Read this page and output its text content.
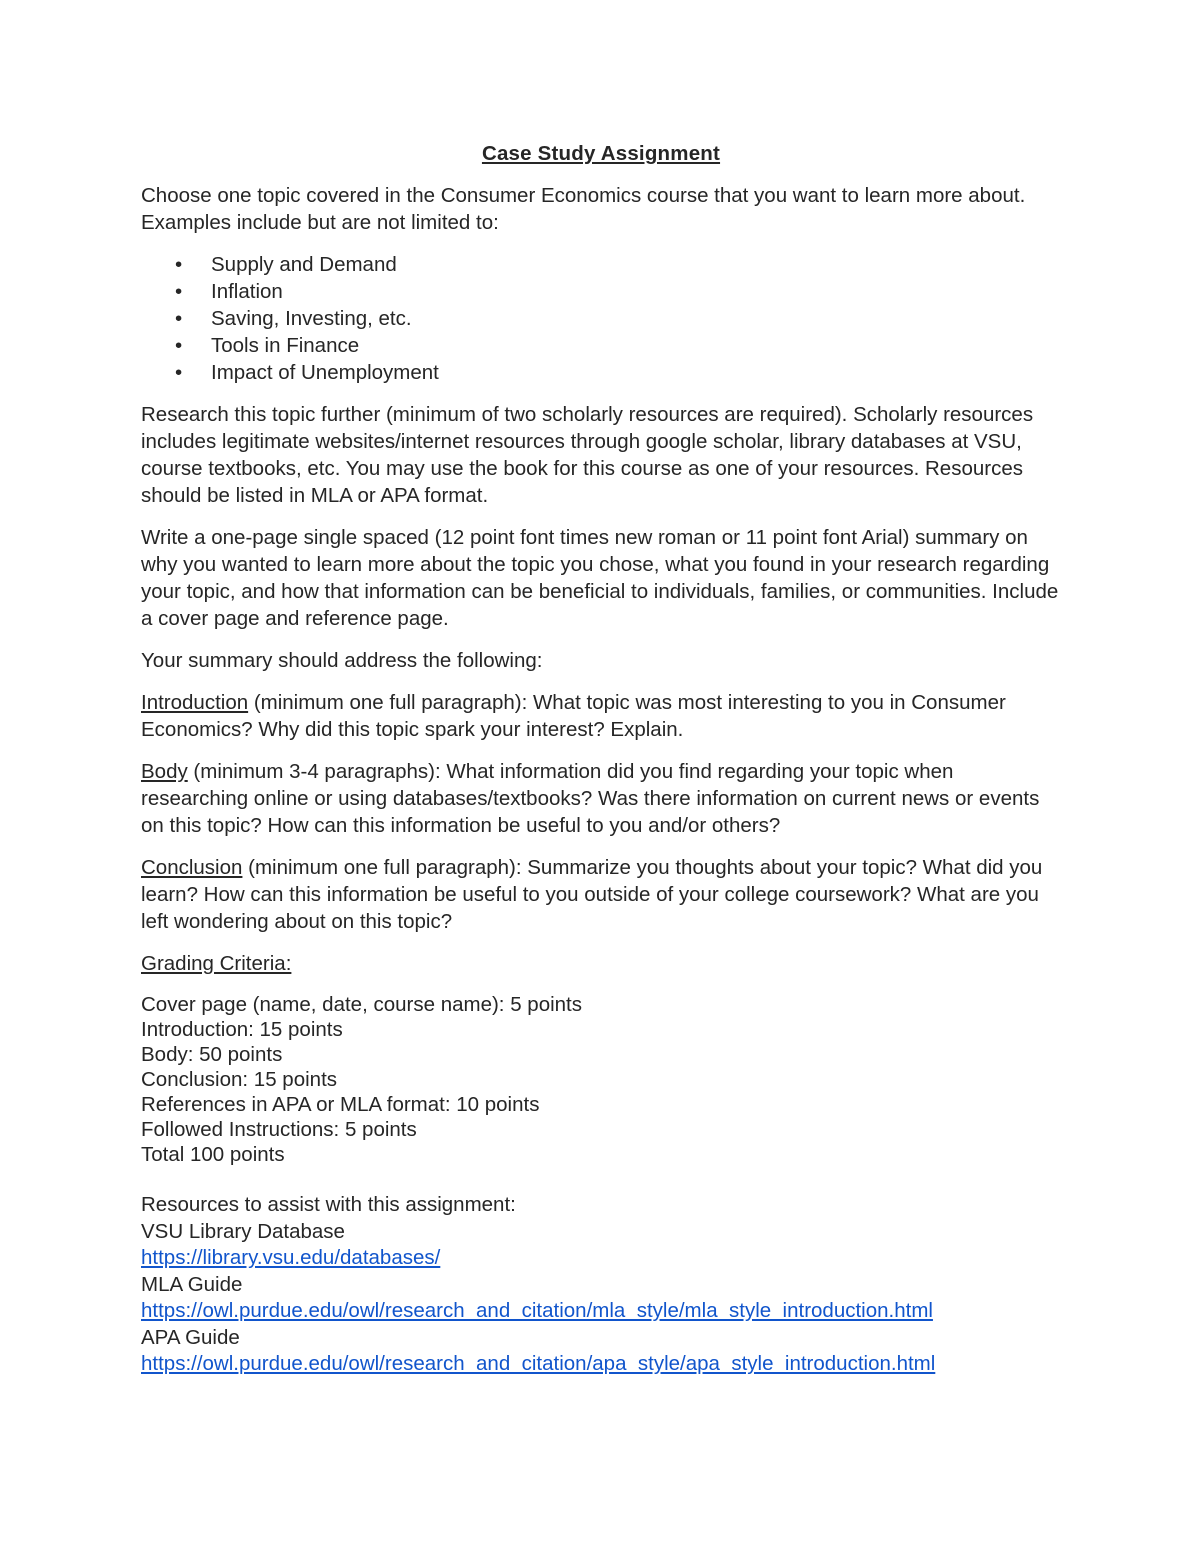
Case Study Assignment

Choose one topic covered in the Consumer Economics course that you want to learn more about. Examples include but are not limited to:

• Supply and Demand
• Inflation
• Saving, Investing, etc.
• Tools in Finance
• Impact of Unemployment

Research this topic further (minimum of two scholarly resources are required). Scholarly resources includes legitimate websites/internet resources through google scholar, library databases at VSU, course textbooks, etc. You may use the book for this course as one of your resources. Resources should be listed in MLA or APA format.

Write a one-page single spaced (12 point font times new roman or 11 point font Arial) summary on why you wanted to learn more about the topic you chose, what you found in your research regarding your topic, and how that information can be beneficial to individuals, families, or communities. Include a cover page and reference page.

Your summary should address the following:

Introduction (minimum one full paragraph): What topic was most interesting to you in Consumer Economics? Why did this topic spark your interest? Explain.

Body (minimum 3-4 paragraphs): What information did you find regarding your topic when researching online or using databases/textbooks? Was there information on current news or events on this topic? How can this information be useful to you and/or others?

Conclusion (minimum one full paragraph): Summarize you thoughts about your topic? What did you learn? How can this information be useful to you outside of your college coursework? What are you left wondering about on this topic?

Grading Criteria:

Cover page (name, date, course name): 5 points
Introduction: 15 points
Body: 50 points
Conclusion: 15 points
References in APA or MLA format: 10 points
Followed Instructions: 5 points
Total 100 points
Resources to assist with this assignment:
VSU Library Database
https://library.vsu.edu/databases/
MLA Guide
https://owl.purdue.edu/owl/research_and_citation/mla_style/mla_style_introduction.html
APA Guide
https://owl.purdue.edu/owl/research_and_citation/apa_style/apa_style_introduction.html
